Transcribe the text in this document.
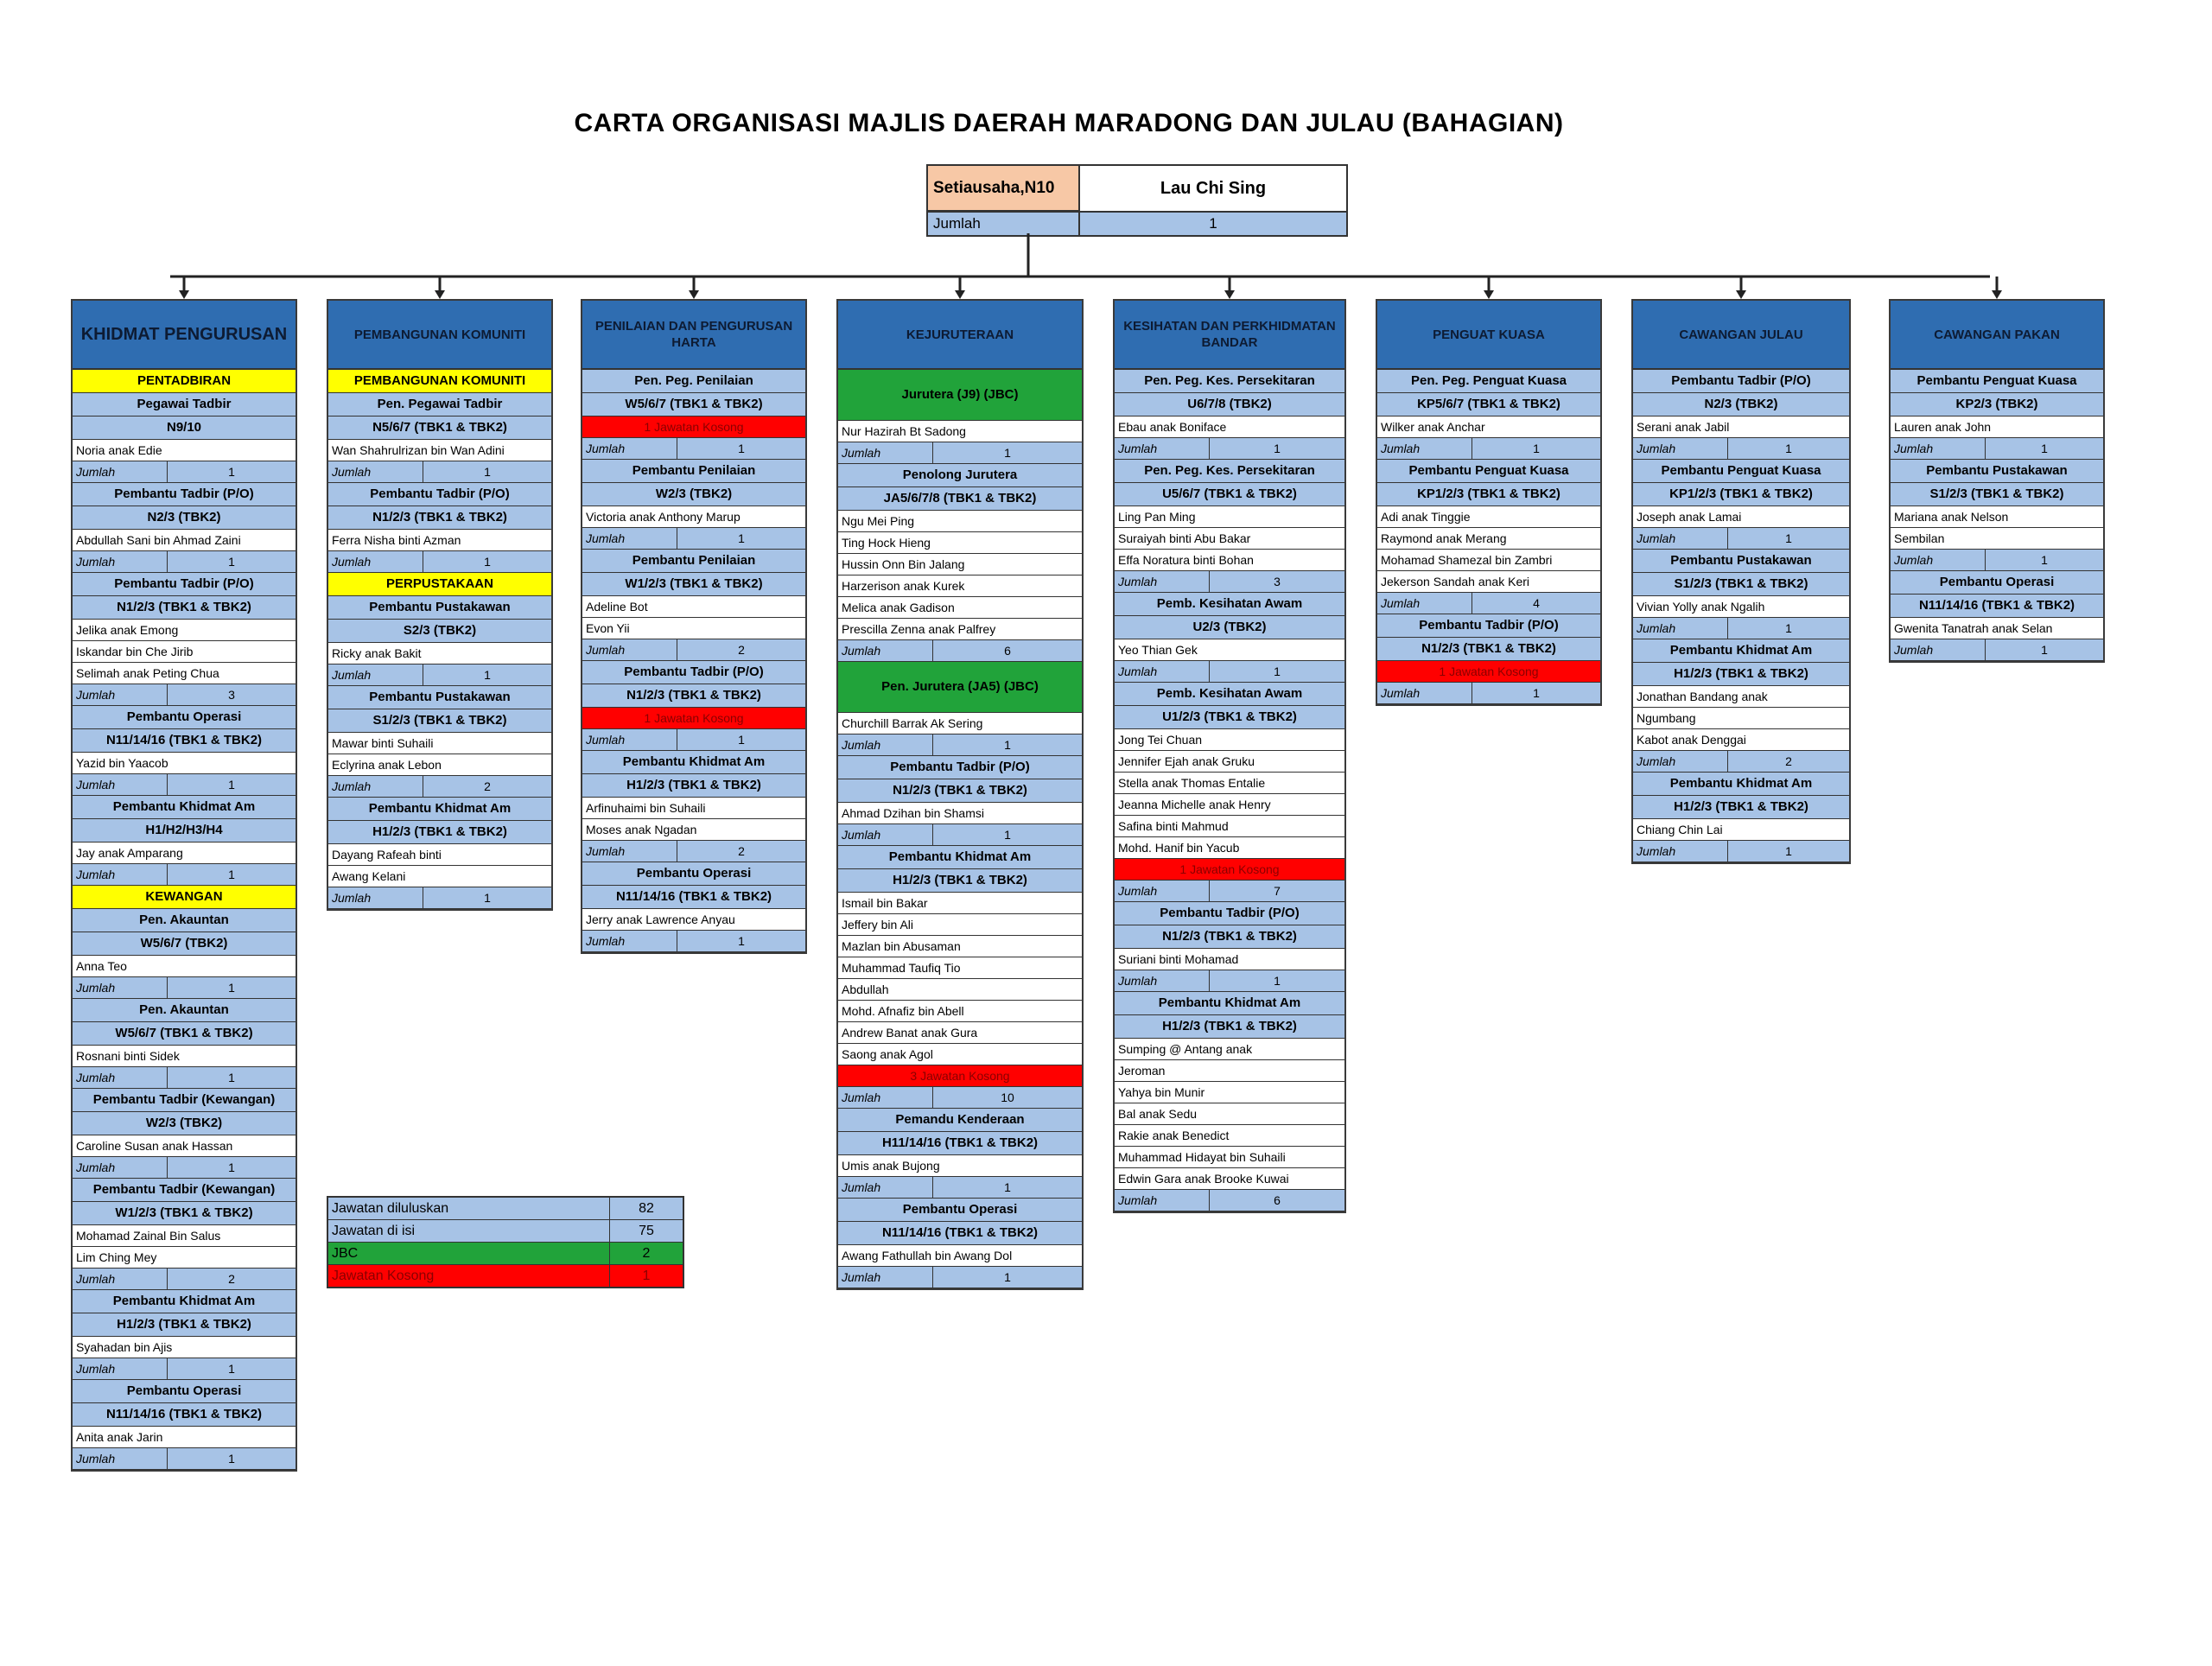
CARTA ORGANISASI MAJLIS DAERAH MARADONG DAN JULAU (BAHAGIAN)
Setiausaha,N10	Lau Chi Sing
Jumlah	1
KHIDMAT PENGURUSAN
PENTADBIRAN
Pegawai Tadbir
N9/10
Noria anak Edie
Jumlah	1
Pembantu Tadbir (P/O)
N2/3 (TBK2)
Abdullah Sani bin Ahmad Zaini
Jumlah	1
Pembantu Tadbir (P/O)
N1/2/3 (TBK1 & TBK2)
Jelika anak Emong
Iskandar bin Che Jirib
Selimah anak Peting Chua
Jumlah	3
Pembantu Operasi
N11/14/16 (TBK1 & TBK2)
Yazid bin Yaacob
Jumlah	1
Pembantu Khidmat Am
H1/H2/H3/H4
Jay anak Amparang
Jumlah	1
KEWANGAN
Pen. Akauntan
W5/6/7 (TBK2)
Anna Teo
Jumlah	1
Pen. Akauntan
W5/6/7 (TBK1 & TBK2)
Rosnani binti Sidek
Jumlah	1
Pembantu Tadbir (Kewangan)
W2/3 (TBK2)
Caroline Susan anak Hassan
Jumlah	1
Pembantu Tadbir (Kewangan)
W1/2/3 (TBK1 & TBK2)
Mohamad Zainal Bin Salus
Lim Ching Mey
Jumlah	2
Pembantu Khidmat Am
H1/2/3 (TBK1 & TBK2)
Syahadan bin Ajis
Jumlah	1
Pembantu Operasi
N11/14/16 (TBK1 & TBK2)
Anita anak Jarin
Jumlah	1
PEMBANGUNAN KOMUNITI
PEMBANGUNAN KOMUNITI
Pen. Pegawai Tadbir
N5/6/7 (TBK1 & TBK2)
Wan Shahrulrizan bin Wan Adini
Jumlah	1
Pembantu Tadbir (P/O)
N1/2/3 (TBK1 & TBK2)
Ferra Nisha binti Azman
Jumlah	1
PERPUSTAKAAN
Pembantu Pustakawan
S2/3 (TBK2)
Ricky anak Bakit
Jumlah	1
Pembantu Pustakawan
S1/2/3 (TBK1 & TBK2)
Mawar binti Suhaili
Eclyrina anak Lebon
Jumlah	2
Pembantu Khidmat Am
H1/2/3 (TBK1 & TBK2)
Dayang Rafeah binti
Awang Kelani
Jumlah	1
PENILAIAN DAN PENGURUSAN HARTA
Pen. Peg. Penilaian
W5/6/7 (TBK1 & TBK2)
1 Jawatan Kosong
Jumlah	1
Pembantu Penilaian
W2/3 (TBK2)
Victoria anak Anthony Marup
Jumlah	1
Pembantu Penilaian
W1/2/3 (TBK1 & TBK2)
Adeline Bot
Evon Yii
Jumlah	2
Pembantu Tadbir (P/O)
N1/2/3 (TBK1 & TBK2)
1 Jawatan Kosong
Jumlah	1
Pembantu Khidmat Am
H1/2/3 (TBK1 & TBK2)
Arfinuhaimi bin Suhaili
Moses anak Ngadan
Jumlah	2
Pembantu Operasi
N11/14/16 (TBK1 & TBK2)
Jerry anak Lawrence Anyau
Jumlah	1
KEJURUTERAAN
Jurutera (J9) (JBC)
Nur Hazirah Bt Sadong
Jumlah	1
Penolong Jurutera
JA5/6/7/8 (TBK1 & TBK2)
Ngu Mei Ping
Ting Hock Hieng
Hussin Onn Bin Jalang
Harzerison anak Kurek
Melica anak Gadison
Prescilla Zenna anak Palfrey
Jumlah	6
Pen. Jurutera (JA5) (JBC)
Churchill Barrak Ak Sering
Jumlah	1
Pembantu Tadbir (P/O)
N1/2/3 (TBK1 & TBK2)
Ahmad Dzihan bin Shamsi
Jumlah	1
Pembantu Khidmat Am
H1/2/3 (TBK1 & TBK2)
Ismail bin Bakar
Jeffery bin Ali
Mazlan bin Abusaman
Muhammad Taufiq Tio
Abdullah
Mohd. Afnafiz bin Abell
Andrew Banat anak Gura
Saong anak Agol
3 Jawatan Kosong
Jumlah	10
Pemandu Kenderaan
H11/14/16 (TBK1 & TBK2)
Umis anak Bujong
Jumlah	1
Pembantu Operasi
N11/14/16 (TBK1 & TBK2)
Awang Fathullah bin Awang Dol
Jumlah	1
KESIHATAN DAN PERKHIDMATAN BANDAR
Pen. Peg. Kes. Persekitaran
U6/7/8 (TBK2)
Ebau anak Boniface
Jumlah	1
Pen. Peg. Kes. Persekitaran
U5/6/7 (TBK1 & TBK2)
Ling Pan Ming
Suraiyah binti Abu Bakar
Effa Noratura binti Bohan
Jumlah	3
Pemb. Kesihatan Awam
U2/3 (TBK2)
Yeo Thian Gek
Jumlah	1
Pemb. Kesihatan Awam
U1/2/3 (TBK1 & TBK2)
Jong Tei Chuan
Jennifer Ejah anak Gruku
Stella anak Thomas Entalie
Jeanna Michelle anak Henry
Safina binti Mahmud
Mohd. Hanif bin Yacub
1 Jawatan Kosong
Jumlah	7
Pembantu Tadbir (P/O)
N1/2/3 (TBK1 & TBK2)
Suriani binti Mohamad
Jumlah	1
Pembantu Khidmat Am
H1/2/3 (TBK1 & TBK2)
Sumping @ Antang anak
Jeroman
Yahya bin Munir
Bal anak Sedu
Rakie anak Benedict
Muhammad Hidayat bin Suhaili
Edwin Gara anak Brooke Kuwai
Jumlah	6
PENGUAT KUASA
Pen. Peg. Penguat Kuasa
KP5/6/7 (TBK1 & TBK2)
Wilker anak Anchar
Jumlah	1
Pembantu Penguat Kuasa
KP1/2/3 (TBK1 & TBK2)
Adi anak Tinggie
Raymond anak Merang
Mohamad Shamezal bin Zambri
Jekerson Sandah anak Keri
Jumlah	4
Pembantu Tadbir (P/O)
N1/2/3 (TBK1 & TBK2)
1 Jawatan Kosong
Jumlah	1
CAWANGAN JULAU
Pembantu Tadbir (P/O)
N2/3 (TBK2)
Serani anak Jabil
Jumlah	1
Pembantu Penguat Kuasa
KP1/2/3 (TBK1 & TBK2)
Joseph anak Lamai
Jumlah	1
Pembantu Pustakawan
S1/2/3 (TBK1 & TBK2)
Vivian Yolly anak Ngalih
Jumlah	1
Pembantu Khidmat Am
H1/2/3 (TBK1 & TBK2)
Jonathan Bandang anak
Ngumbang
Kabot anak Denggai
Jumlah	2
Pembantu Khidmat Am
H1/2/3 (TBK1 & TBK2)
Chiang Chin Lai
Jumlah	1
CAWANGAN PAKAN
Pembantu Penguat Kuasa
KP2/3 (TBK2)
Lauren anak John
Jumlah	1
Pembantu Pustakawan
S1/2/3 (TBK1 & TBK2)
Mariana anak Nelson
Sembilan
Jumlah	1
Pembantu Operasi
N11/14/16 (TBK1 & TBK2)
Gwenita Tanatrah anak Selan
Jumlah	1
Jawatan diluluskan	82
Jawatan di isi	75
JBC	2
Jawatan Kosong	1
